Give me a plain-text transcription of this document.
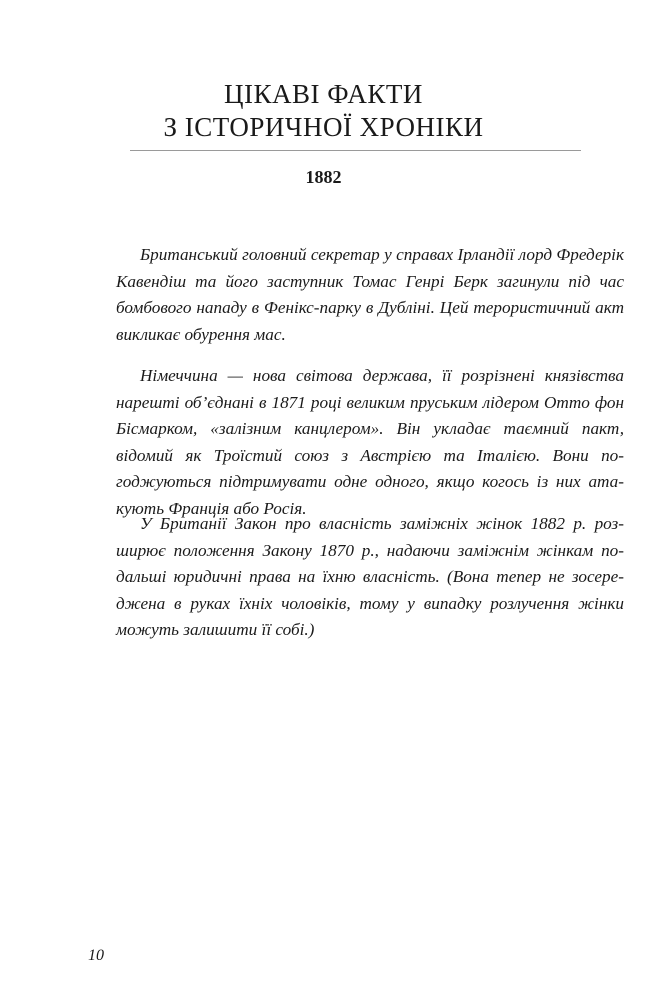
ЦІКАВІ ФАКТИ
З ІСТОРИЧНОЇ ХРОНІКИ
1882

Британський головний секретар у справах Ірландії лорд Фредерік Кавендіш та його заступник Томас Генрі Берк загинули під час бомбового нападу в Фенікс-парку в Дубліні. Цей терористичний акт викликає обурення мас.

Німеччина — нова світова держава, її розрізнені князівства нарешті об’єднані в 1871 році великим пруським лідером Отто фон Бісмарком, «залізним канцлером». Він укладає таємний пакт, відомий як Троїстий союз з Австрією та Італією. Вони погоджуються підтримувати одне одного, якщо когось із них атакують Франція або Росія.

У Британії Закон про власність заміжніх жінок 1882 р. розширює положення Закону 1870 р., надаючи заміжнім жінкам подальші юридичні права на їхню власність. (Вона тепер не зосереджена в руках їхніх чоловіків, тому у випадку розлучення жінки можуть залишити її собі.)

10
